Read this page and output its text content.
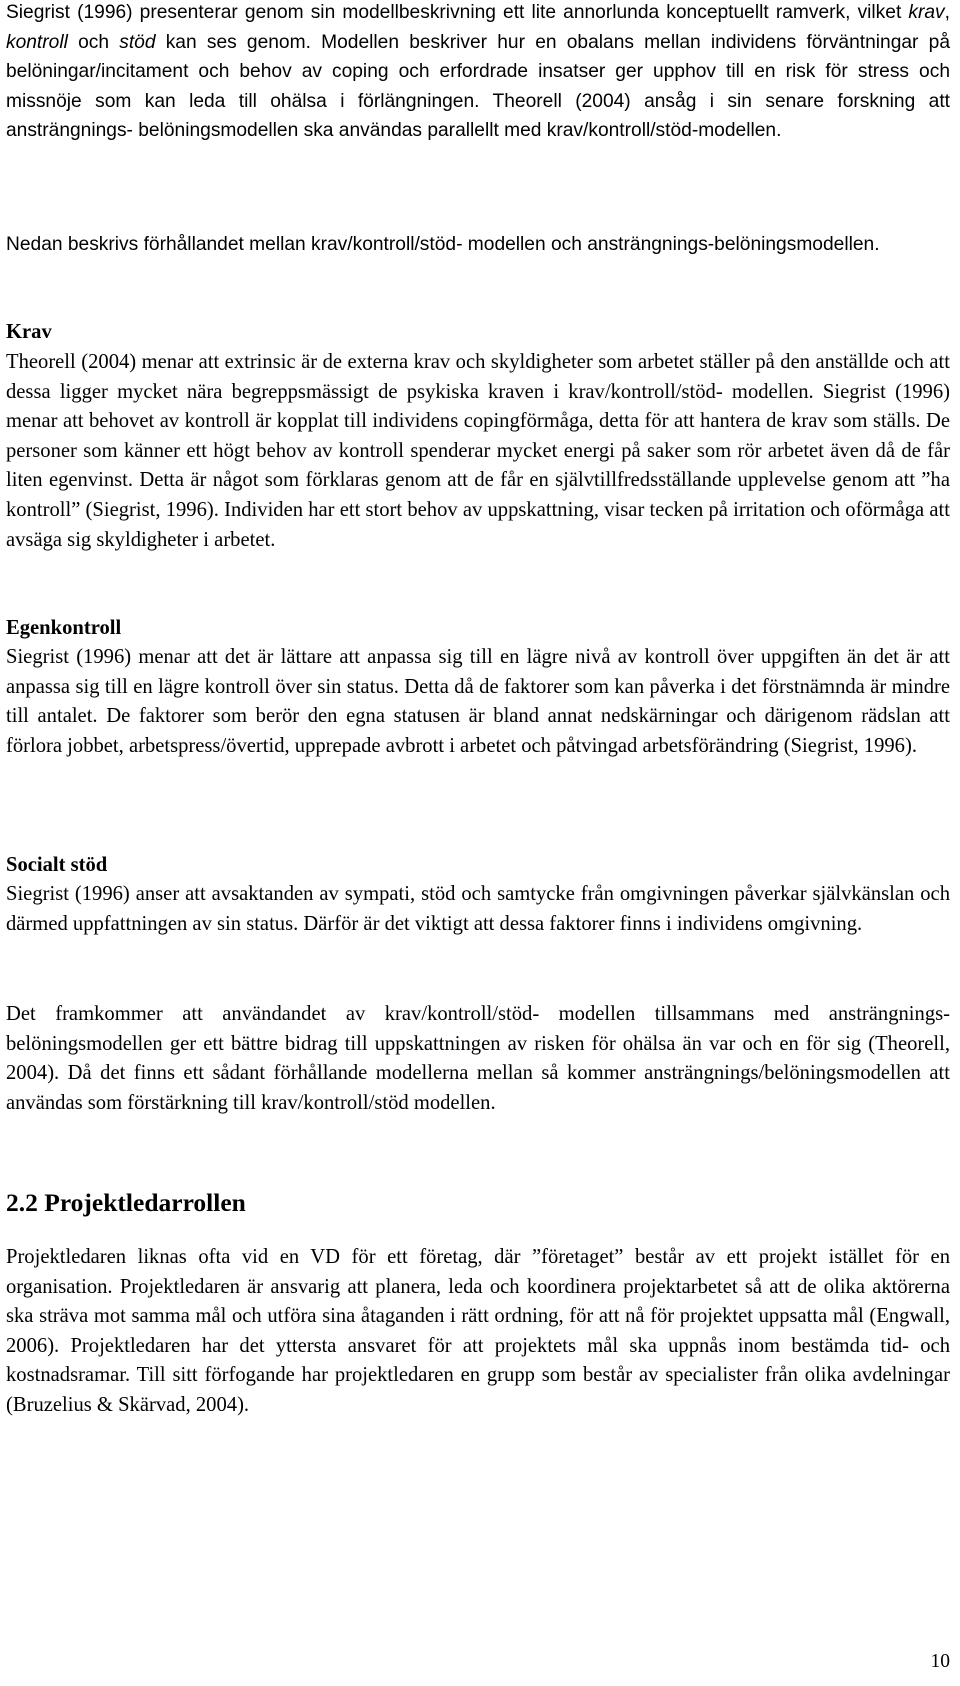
Siegrist (1996) presenterar genom sin modellbeskrivning ett lite annorlunda konceptuellt ramverk, vilket krav, kontroll och stöd kan ses genom. Modellen beskriver hur en obalans mellan individens förväntningar på belöningar/incitament och behov av coping och erfordrade insatser ger upphov till en risk för stress och missnöje som kan leda till ohälsa i förlängningen. Theorell (2004) ansåg i sin senare forskning att ansträngnings- belöningsmodellen ska användas parallellt med krav/kontroll/stöd-modellen.

Nedan beskrivs förhållandet mellan krav/kontroll/stöd- modellen och ansträngnings-belöningsmodellen.

Krav

Theorell (2004) menar att extrinsic är de externa krav och skyldigheter som arbetet ställer på den anställde och att dessa ligger mycket nära begreppsmässigt de psykiska kraven i krav/kontroll/stöd- modellen. Siegrist (1996) menar att behovet av kontroll är kopplat till individens copingförmåga, detta för att hantera de krav som ställs. De personer som känner ett högt behov av kontroll spenderar mycket energi på saker som rör arbetet även då de får liten egenvinst. Detta är något som förklaras genom att de får en självtillfredsställande upplevelse genom att ”ha kontroll” (Siegrist, 1996). Individen har ett stort behov av uppskattning, visar tecken på irritation och oförmåga att avsäga sig skyldigheter i arbetet.

Egenkontroll

Siegrist (1996) menar att det är lättare att anpassa sig till en lägre nivå av kontroll över uppgiften än det är att anpassa sig till en lägre kontroll över sin status. Detta då de faktorer som kan påverka i det förstnämnda är mindre till antalet. De faktorer som berör den egna statusen är bland annat nedskärningar och därigenom rädslan att förlora jobbet, arbetspress/övertid, upprepade avbrott i arbetet och påtvingad arbetsförändring (Siegrist, 1996).

Socialt stöd

Siegrist (1996) anser att avsaktanden av sympati, stöd och samtycke från omgivningen påverkar självkänslan och därmed uppfattningen av sin status. Därför är det viktigt att dessa faktorer finns i individens omgivning.

Det framkommer att användandet av krav/kontroll/stöd- modellen tillsammans med ansträngnings- belöningsmodellen ger ett bättre bidrag till uppskattningen av risken för ohälsa än var och en för sig (Theorell, 2004). Då det finns ett sådant förhållande modellerna mellan så kommer ansträngnings/belöningsmodellen att användas som förstärkning till krav/kontroll/stöd modellen.

2.2 Projektledarrollen

Projektledaren liknas ofta vid en VD för ett företag, där ”företaget” består av ett projekt istället för en organisation. Projektledaren är ansvarig att planera, leda och koordinera projektarbetet så att de olika aktörerna ska sträva mot samma mål och utföra sina åtaganden i rätt ordning, för att nå för projektet uppsatta mål (Engwall, 2006). Projektledaren har det yttersta ansvaret för att projektets mål ska uppnås inom bestämda tid- och kostnadsramar. Till sitt förfogande har projektledaren en grupp som består av specialister från olika avdelningar (Bruzelius & Skärvad, 2004).

10
